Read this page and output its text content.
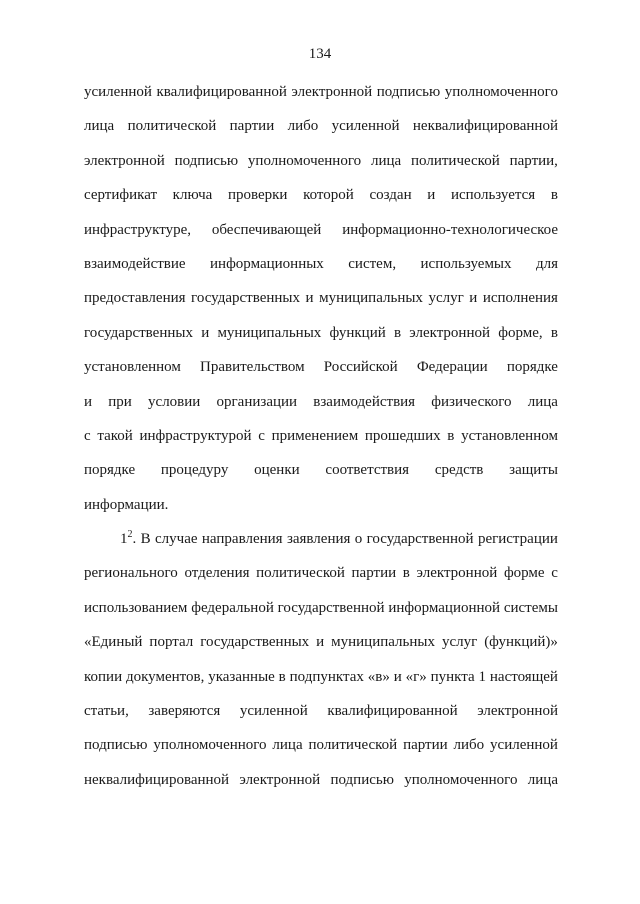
134
усиленной квалифицированной электронной подписью уполномоченного
лица политической партии либо усиленной неквалифицированной
электронной подписью уполномоченного лица политической партии,
сертификат ключа проверки которой создан и используется в
инфраструктуре, обеспечивающей информационно-технологическое
взаимодействие информационных систем, используемых для
предоставления государственных и муниципальных услуг и исполнения
государственных и муниципальных функций в электронной форме, в
установленном Правительством Российской Федерации порядке
и при условии организации взаимодействия физического лица
с такой инфраструктурой с применением прошедших в установленном
порядке процедуру оценки соответствия средств защиты
информации.
$1^2$. В случае направления заявления о государственной регистрации
регионального отделения политической партии в электронной форме с
использованием федеральной государственной информационной системы
«Единый портал государственных и муниципальных услуг (функций)»
копии документов, указанные в подпунктах «в» и «г» пункта 1 настоящей
статьи, заверяются усиленной квалифицированной электронной
подписью уполномоченного лица политической партии либо усиленной
неквалифицированной электронной подписью уполномоченного лица
